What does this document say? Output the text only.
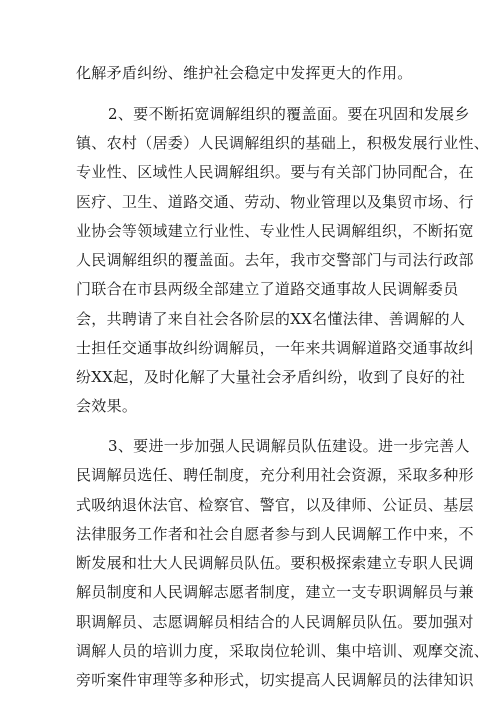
化解矛盾纠纷、维护社会稳定中发挥更大的作用。
2、要不断拓宽调解组织的覆盖面。要在巩固和发展乡
镇、农村（居委）人民调解组织的基础上，积极发展行业性、
专业性、区域性人民调解组织。要与有关部门协同配合，在
医疗、卫生、道路交通、劳动、物业管理以及集贸市场、行
业协会等领域建立行业性、专业性人民调解组织，不断拓宽
人民调解组织的覆盖面。去年，我市交警部门与司法行政部
门联合在市县两级全部建立了道路交通事故人民调解委员
会，共聘请了来自社会各阶层的XX名懂法律、善调解的人
士担任交通事故纠纷调解员，一年来共调解道路交通事故纠
纷XX起，及时化解了大量社会矛盾纠纷，收到了良好的社
会效果。
3、要进一步加强人民调解员队伍建设。进一步完善人
民调解员选任、聘任制度，充分利用社会资源，采取多种形
式吸纳退休法官、检察官、警官，以及律师、公证员、基层
法律服务工作者和社会自愿者参与到人民调解工作中来，不
断发展和壮大人民调解员队伍。要积极探索建立专职人民调
解员制度和人民调解志愿者制度，建立一支专职调解员与兼
职调解员、志愿调解员相结合的人民调解员队伍。要加强对
调解人员的培训力度，采取岗位轮训、集中培训、观摩交流、
旁听案件审理等多种形式，切实提高人民调解员的法律知识
